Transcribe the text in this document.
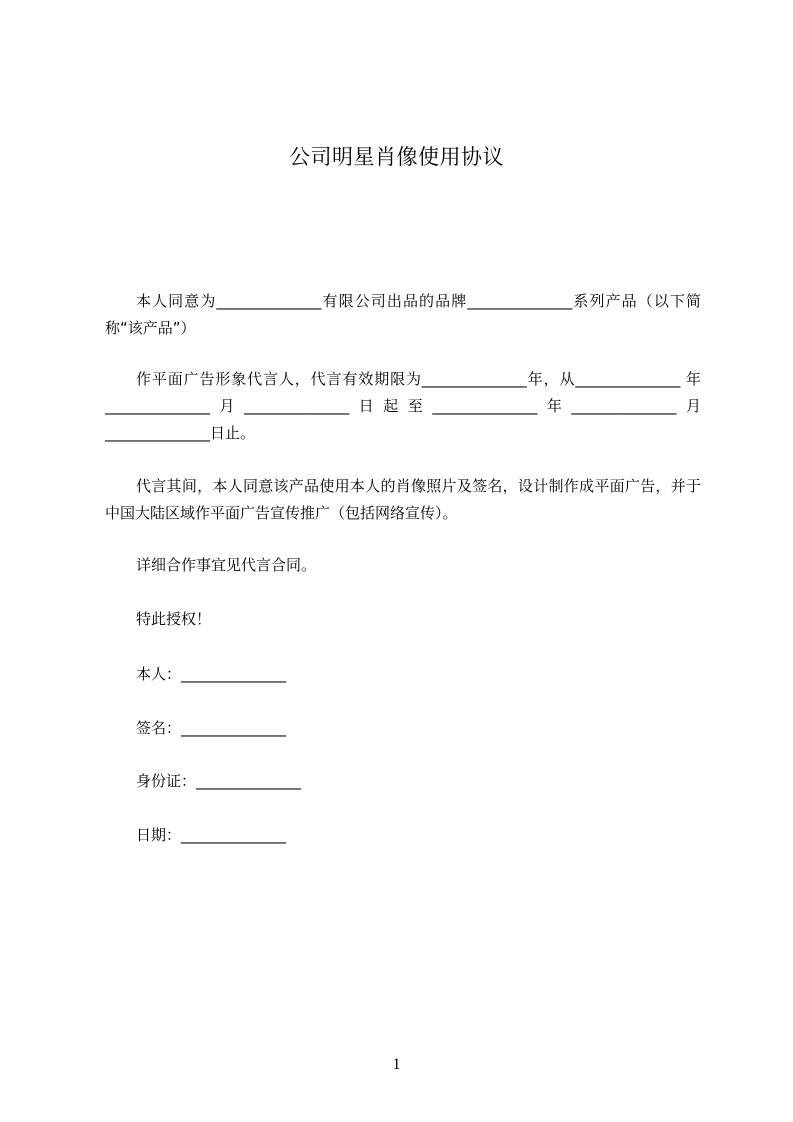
公司明星肖像使用协议

本人同意为______________有限公司出品的品牌______________系列产品（以下简称“该产品”）

作平面广告形象代言人，代言有效期限为______________年，从______________ 年______________月______________日起至______________年______________月______________日止。

代言其间，本人同意该产品使用本人的肖像照片及签名，设计制作成平面广告，并于中国大陆区域作平面广告宣传推广（包括网络宣传）。

详细合作事宜见代言合同。

特此授权！

本人：______________
签名：______________
身份证：______________
日期：______________
1
